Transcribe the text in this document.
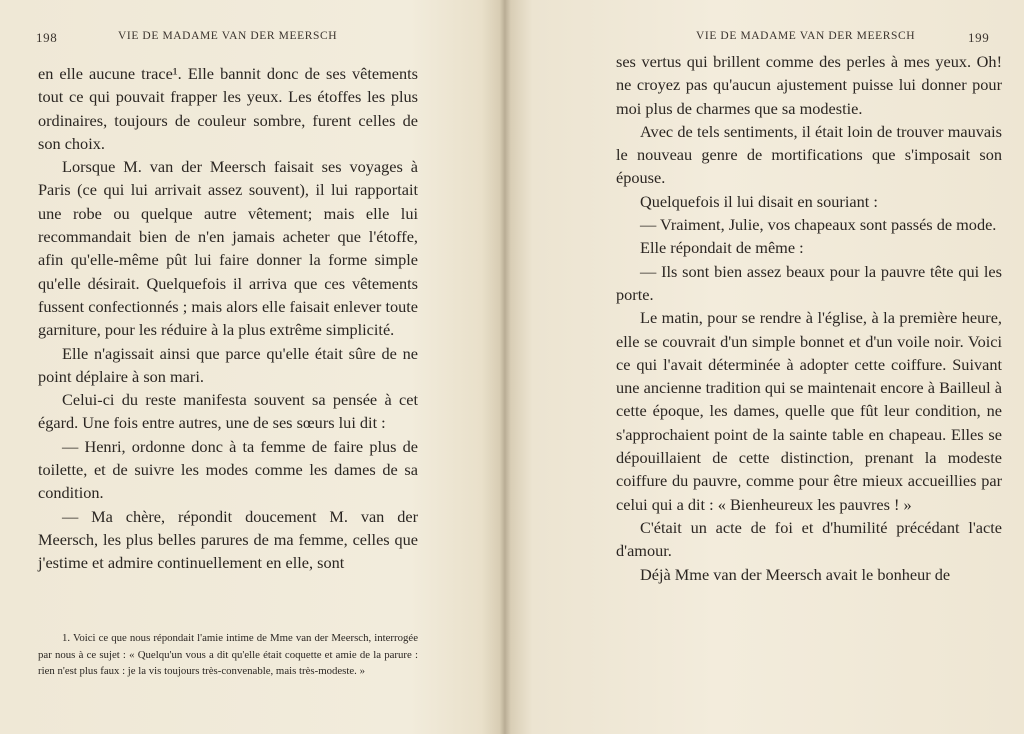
198	VIE DE MADAME VAN DER MEERSCH

en elle aucune trace¹. Elle bannit donc de ses vêtements tout ce qui pouvait frapper les yeux. Les étoffes les plus ordinaires, toujours de couleur sombre, furent celles de son choix.

Lorsque M. van der Meersch faisait ses voyages à Paris (ce qui lui arrivait assez souvent), il lui rapportait une robe ou quelque autre vêtement; mais elle lui recommandait bien de n'en jamais acheter que l'étoffe, afin qu'elle-même pût lui faire donner la forme simple qu'elle désirait. Quelquefois il arriva que ces vêtements fussent confectionnés ; mais alors elle faisait enlever toute garniture, pour les réduire à la plus extrême simplicité.

Elle n'agissait ainsi que parce qu'elle était sûre de ne point déplaire à son mari.

Celui-ci du reste manifesta souvent sa pensée à cet égard. Une fois entre autres, une de ses sœurs lui dit :

— Henri, ordonne donc à ta femme de faire plus de toilette, et de suivre les modes comme les dames de sa condition.

— Ma chère, répondit doucement M. van der Meersch, les plus belles parures de ma femme, celles que j'estime et admire continuellement en elle, sont

1. Voici ce que nous répondait l'amie intime de Mme van der Meersch, interrogée par nous à ce sujet : « Quelqu'un vous a dit qu'elle était coquette et amie de la parure : rien n'est plus faux : je la vis toujours très-convenable, mais très-modeste. »

VIE DE MADAME VAN DER MEERSCH	199

ses vertus qui brillent comme des perles à mes yeux. Oh! ne croyez pas qu'aucun ajustement puisse lui donner pour moi plus de charmes que sa modestie.

Avec de tels sentiments, il était loin de trouver mauvais le nouveau genre de mortifications que s'imposait son épouse.

Quelquefois il lui disait en souriant :

— Vraiment, Julie, vos chapeaux sont passés de mode.

Elle répondait de même :

— Ils sont bien assez beaux pour la pauvre tête qui les porte.

Le matin, pour se rendre à l'église, à la première heure, elle se couvrait d'un simple bonnet et d'un voile noir. Voici ce qui l'avait déterminée à adopter cette coiffure. Suivant une ancienne tradition qui se maintenait encore à Bailleul à cette époque, les dames, quelle que fût leur condition, ne s'approchaient point de la sainte table en chapeau. Elles se dépouillaient de cette distinction, prenant la modeste coiffure du pauvre, comme pour être mieux accueillies par celui qui a dit : « Bienheureux les pauvres ! »

C'était un acte de foi et d'humilité précédant l'acte d'amour.

Déjà Mme van der Meersch avait le bonheur de
